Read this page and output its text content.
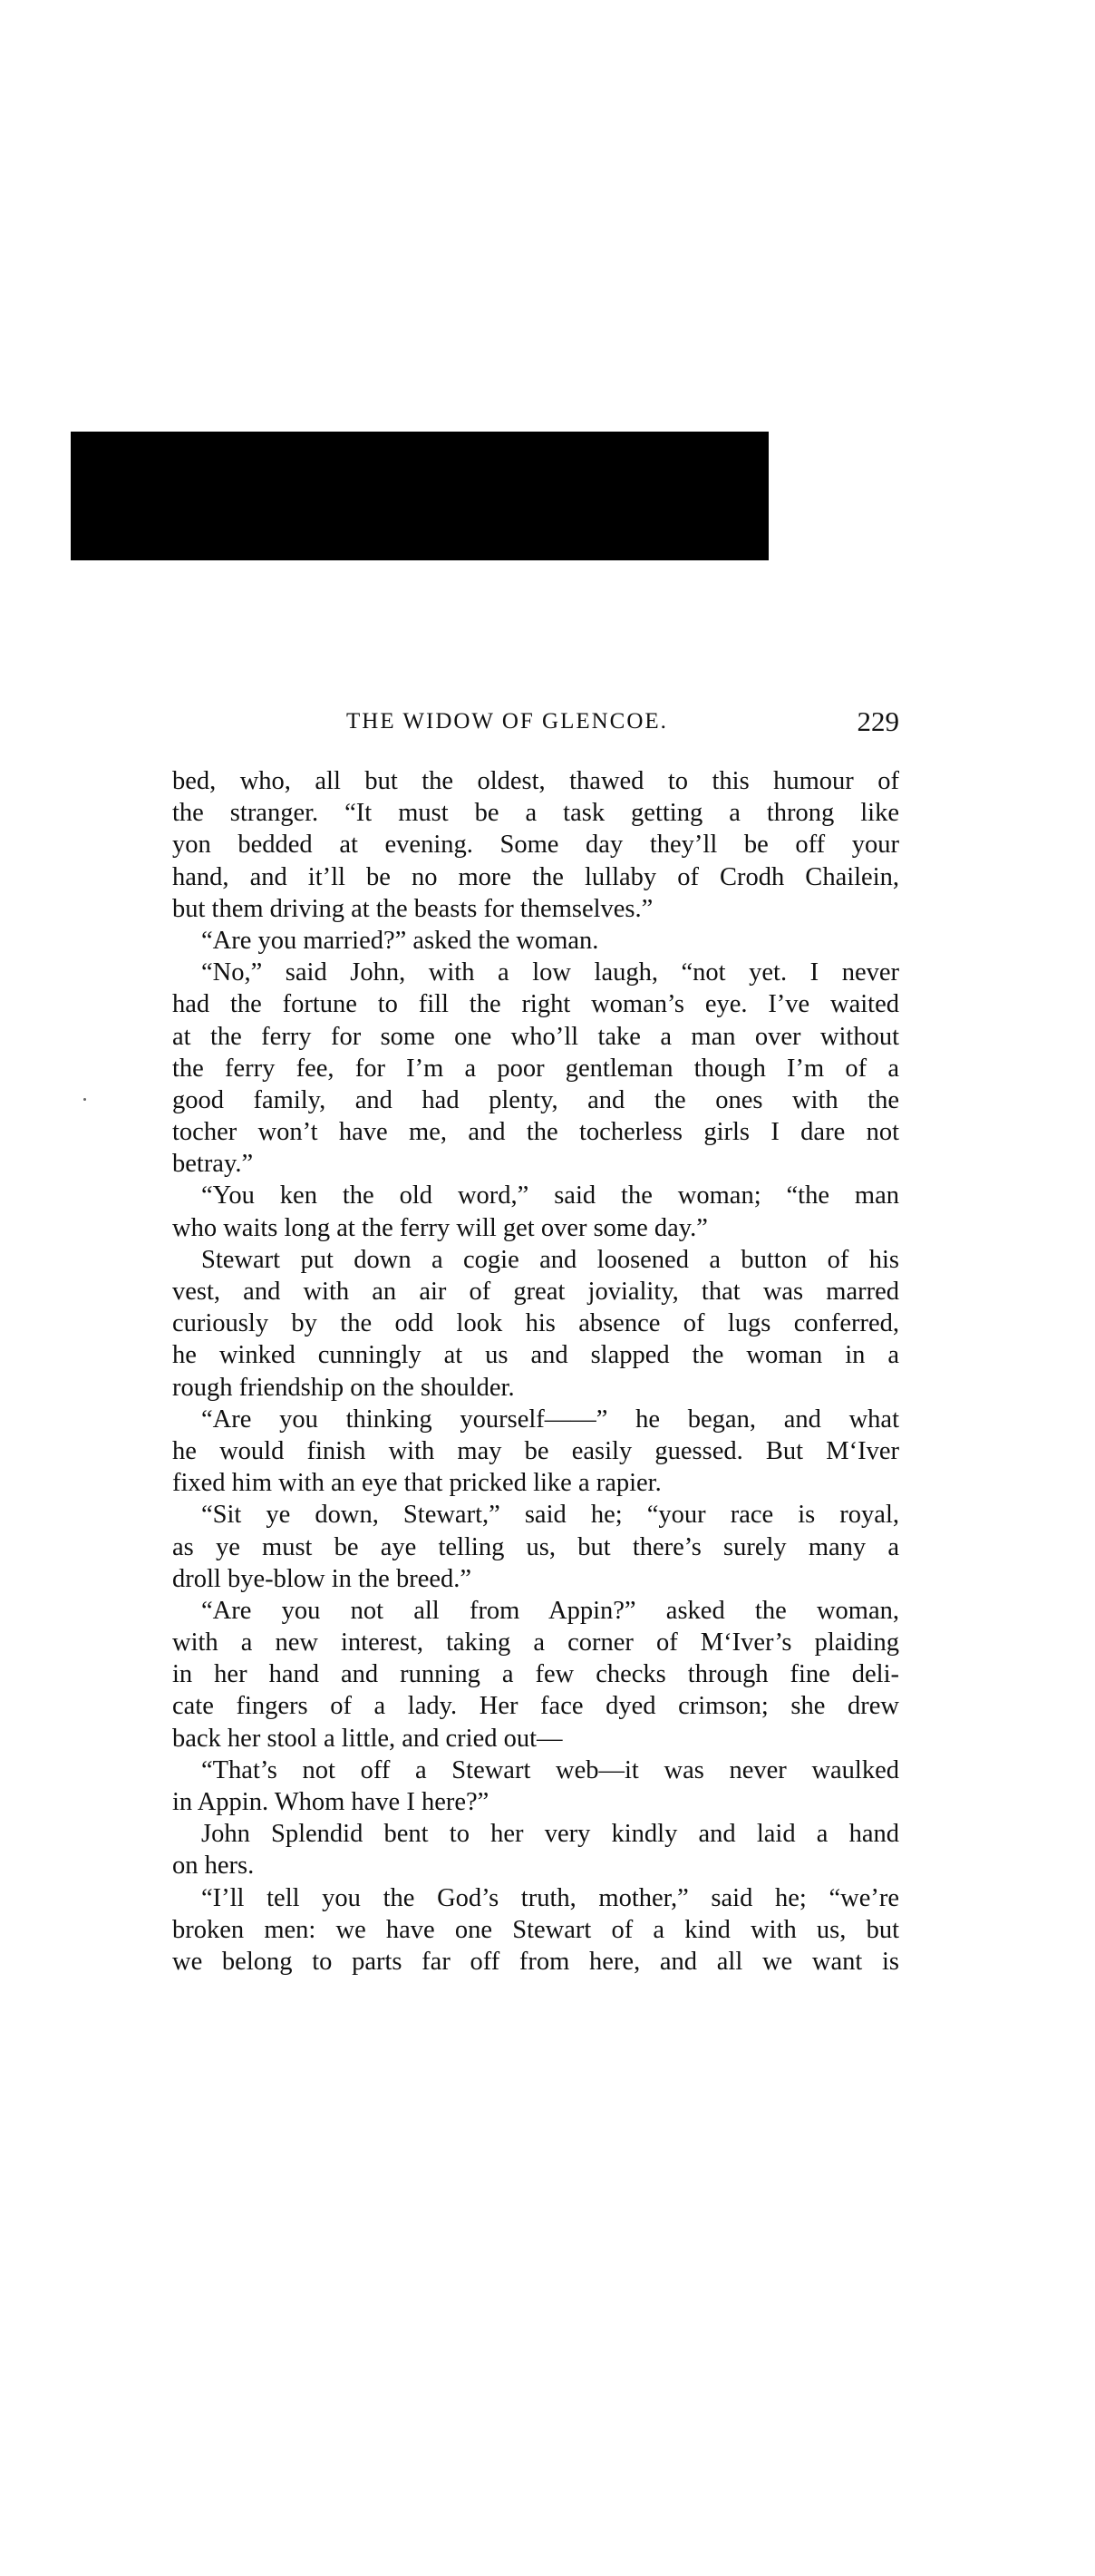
THE WIDOW OF GLENCOE.	229
bed, who, all but the oldest, thawed to this humour of
the stranger. “It must be a task getting a throng like
yon bedded at evening. Some day they’ll be off your
hand, and it’ll be no more the lullaby of Crodh Chailein,
but them driving at the beasts for themselves.”
“Are you married?” asked the woman.
“No,” said John, with a low laugh, “not yet. I never
had the fortune to fill the right woman’s eye. I’ve waited
at the ferry for some one who’ll take a man over without
the ferry fee, for I’m a poor gentleman though I’m of a
good family, and had plenty, and the ones with the
tocher won’t have me, and the tocherless girls I dare not
betray.”
“You ken the old word,” said the woman; “the man
who waits long at the ferry will get over some day.”
Stewart put down a cogie and loosened a button of his
vest, and with an air of great joviality, that was marred
curiously by the odd look his absence of lugs conferred,
he winked cunningly at us and slapped the woman in a
rough friendship on the shoulder.
“Are you thinking yourself——” he began, and what
he would finish with may be easily guessed. But M‘Iver
fixed him with an eye that pricked like a rapier.
“Sit ye down, Stewart,” said he; “your race is royal,
as ye must be aye telling us, but there’s surely many a
droll bye-blow in the breed.”
“Are you not all from Appin?” asked the woman,
with a new interest, taking a corner of M‘Iver’s plaiding
in her hand and running a few checks through fine deli-
cate fingers of a lady. Her face dyed crimson; she drew
back her stool a little, and cried out—
“That’s not off a Stewart web—it was never waulked
in Appin. Whom have I here?”
John Splendid bent to her very kindly and laid a hand
on hers.
“I’ll tell you the God’s truth, mother,” said he; “we’re
broken men: we have one Stewart of a kind with us, but
we belong to parts far off from here, and all we want is
